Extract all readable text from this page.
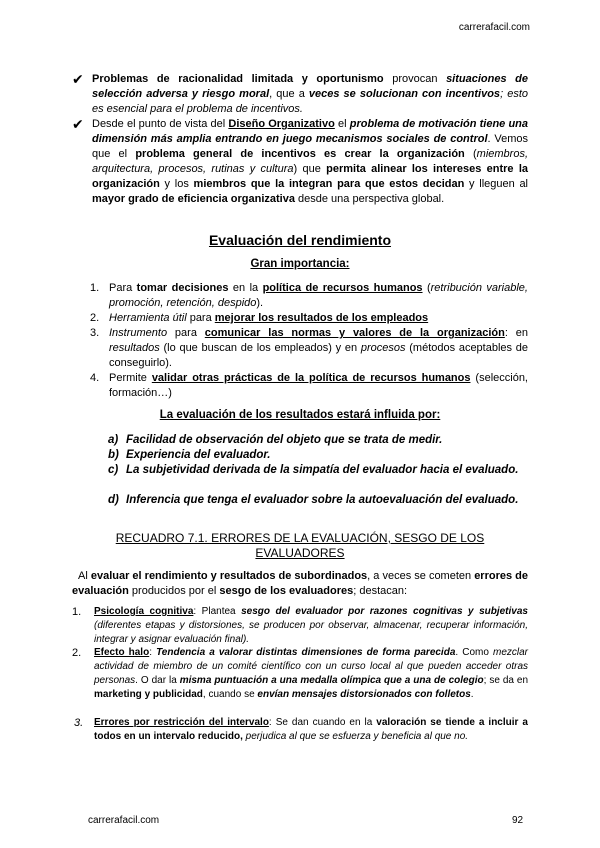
carrerafacil.com
✔ Problemas de racionalidad limitada y oportunismo provocan situaciones de selección adversa y riesgo moral, que a veces se solucionan con incentivos; esto es esencial para el problema de incentivos.
✔ Desde el punto de vista del Diseño Organizativo el problema de motivación tiene una dimensión más amplia entrando en juego mecanismos sociales de control. Vemos que el problema general de incentivos es crear la organización (miembros, arquitectura, procesos, rutinas y cultura) que permita alinear los intereses entre la organización y los miembros que la integran para que estos decidan y lleguen al mayor grado de eficiencia organizativa desde una perspectiva global.
Evaluación del rendimiento
Gran importancia:
1. Para tomar decisiones en la política de recursos humanos (retribución variable, promoción, retención, despido).
2. Herramienta útil para mejorar los resultados de los empleados
3. Instrumento para comunicar las normas y valores de la organización: en resultados (lo que buscan de los empleados) y en procesos (métodos aceptables de conseguirlo).
4. Permite validar otras prácticas de la política de recursos humanos (selección, formación…)
La evaluación de los resultados estará influida por:
a) Facilidad de observación del objeto que se trata de medir.
b) Experiencia del evaluador.
c) La subjetividad derivada de la simpatía del evaluador hacia el evaluado.
d) Inferencia que tenga el evaluador sobre la autoevaluación del evaluado.
RECUADRO 7.1. ERRORES DE LA EVALUACIÓN, SESGO DE LOS EVALUADORES
Al evaluar el rendimiento y resultados de subordinados, a veces se cometen errores de evaluación producidos por el sesgo de los evaluadores; destacan:
1. Psicología cognitiva: Plantea sesgo del evaluador por razones cognitivas y subjetivas (diferentes etapas y distorsiones, se producen por observar, almacenar, recuperar información, integrar y asignar evaluación final).
2. Efecto halo: Tendencia a valorar distintas dimensiones de forma parecida. Como mezclar actividad de miembro de un comité científico con un curso local al que pueden acceder otras personas. O dar la misma puntuación a una medalla olímpica que a una de colegio; se da en marketing y publicidad, cuando se envían mensajes distorsionados con folletos.
3. Errores por restricción del intervalo: Se dan cuando en la valoración se tiende a incluir a todos en un intervalo reducido, perjudica al que se esfuerza y beneficia al que no.
carrerafacil.com	92
